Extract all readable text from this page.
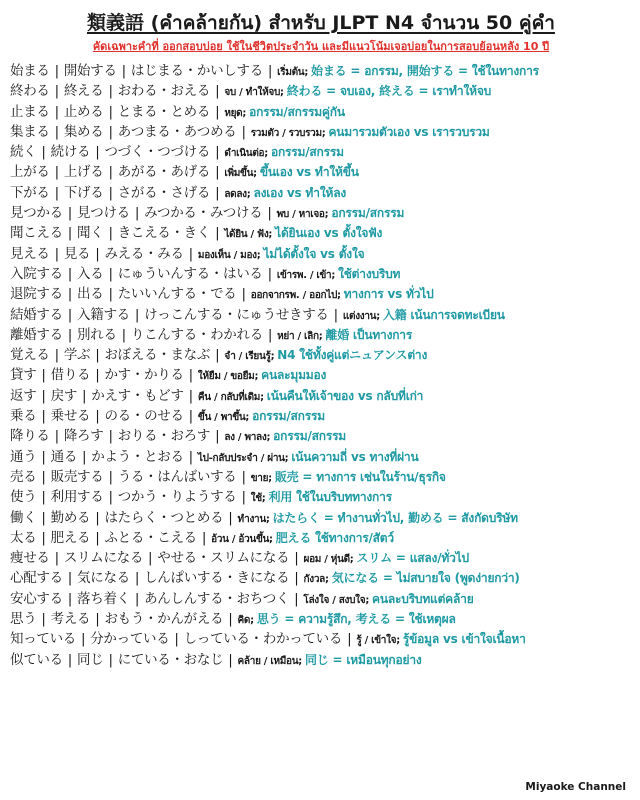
類義語 (คำคล้ายกัน) สำหรับ JLPT N4 จำนวน 50 คู่คำ
คัดเฉพาะคำที่ ออกสอบบ่อย ใช้ในชีวิตประจำวัน และมีแนวโน้มเจอบ่อยในการสอบย้อนหลัง 10 ปี
始まる | 開始する | はじまる・かいしする | เริ่มต้น; 始まる = อกรรม, 開始する = ใช้ในทางการ
終わる | 終える | おわる・おえる | จบ / ทำให้จบ; 終わる = จบเอง, 終える = เราทำให้จบ
止まる | 止める | とまる・とめる | หยุด; อกรรม/สกรรมคู่กัน
集まる | 集める | あつまる・あつめる | รวมตัว / รวบรวม; คนมารวมตัวเอง vs เรารวบรวม
続く | 続ける | つづく・つづける | ดำเนินต่อ; อกรรม/สกรรม
上がる | 上げる | あがる・あげる | เพิ่มขึ้น; ขึ้นเอง vs ทำให้ขึ้น
下がる | 下げる | さがる・さげる | ลดลง; ลงเอง vs ทำให้ลง
見つかる | 見つける | みつかる・みつける | พบ / หาเจอ; อกรรม/สกรรม
聞こえる | 聞く | きこえる・きく | ได้ยิน / ฟัง; ได้ยินเอง vs ตั้งใจฟัง
見える | 見る | みえる・みる | มองเห็น / มอง; ไม่ได้ตั้งใจ vs ตั้งใจ
入院する | 入る | にゅういんする・はいる | เข้ารพ. / เข้า; ใช้ต่างบริบท
退院する | 出る | たいいんする・でる | ออกจากรพ. / ออกไป; ทางการ vs ทั่วไป
結婚する | 入籍する | けっこんする・にゅうせきする | แต่งงาน; 入籍 เน้นการจดทะเบียน
離婚する | 別れる | りこんする・わかれる | หย่า / เลิก; 離婚 เป็นทางการ
覚える | 学ぶ | おぼえる・まなぶ | จำ / เรียนรู้; N4 ใช้ทั้งคู่แต่ニュアンスต่าง
貸す | 借りる | かす・かりる | ให้ยืม / ขอยืม; คนละมุมมอง
返す | 戻す | かえす・もどす | คืน / กลับที่เดิม; เน้นคืนให้เจ้าของ vs กลับที่เก่า
乗る | 乗せる | のる・のせる | ขึ้น / พาขึ้น; อกรรม/สกรรม
降りる | 降ろす | おりる・おろす | ลง / พาลง; อกรรม/สกรรม
通う | 通る | かよう・とおる | ไป-กลับประจำ / ผ่าน; เน้นความถี่ vs ทางที่ผ่าน
売る | 販売する | うる・はんばいする | ขาย; 販売 = ทางการ เช่นในร้าน/ธุรกิจ
使う | 利用する | つかう・りようする | ใช้; 利用 ใช้ในบริบททางการ
働く | 勤める | はたらく・つとめる | ทำงาน; はたらく = ทำงานทั่วไป, 勤める = สังกัดบริษัท
太る | 肥える | ふとる・こえる | อ้วน / อ้วนขึ้น; 肥える ใช้ทางการ/สัตว์
痩せる | スリムになる | やせる・スリムになる | ผอม / หุ่นดี; スリム = แสลง/ทั่วไป
心配する | 気になる | しんぱいする・きになる | กังวล; 気になる = ไม่สบายใจ (พูดง่ายกว่า)
安心する | 落ち着く | あんしんする・おちつく | โล่งใจ / สงบใจ; คนละบริบทแต่คล้าย
思う | 考える | おもう・かんがえる | คิด; 思う = ความรู้สึก, 考える = ใช้เหตุผล
知っている | 分かっている | しっている・わかっている | รู้ / เข้าใจ; รู้ข้อมูล vs เข้าใจเนื้อหา
似ている | 同じ | にている・おなじ | คล้าย / เหมือน; 同じ = เหมือนทุกอย่าง
Miyaoke Channel
